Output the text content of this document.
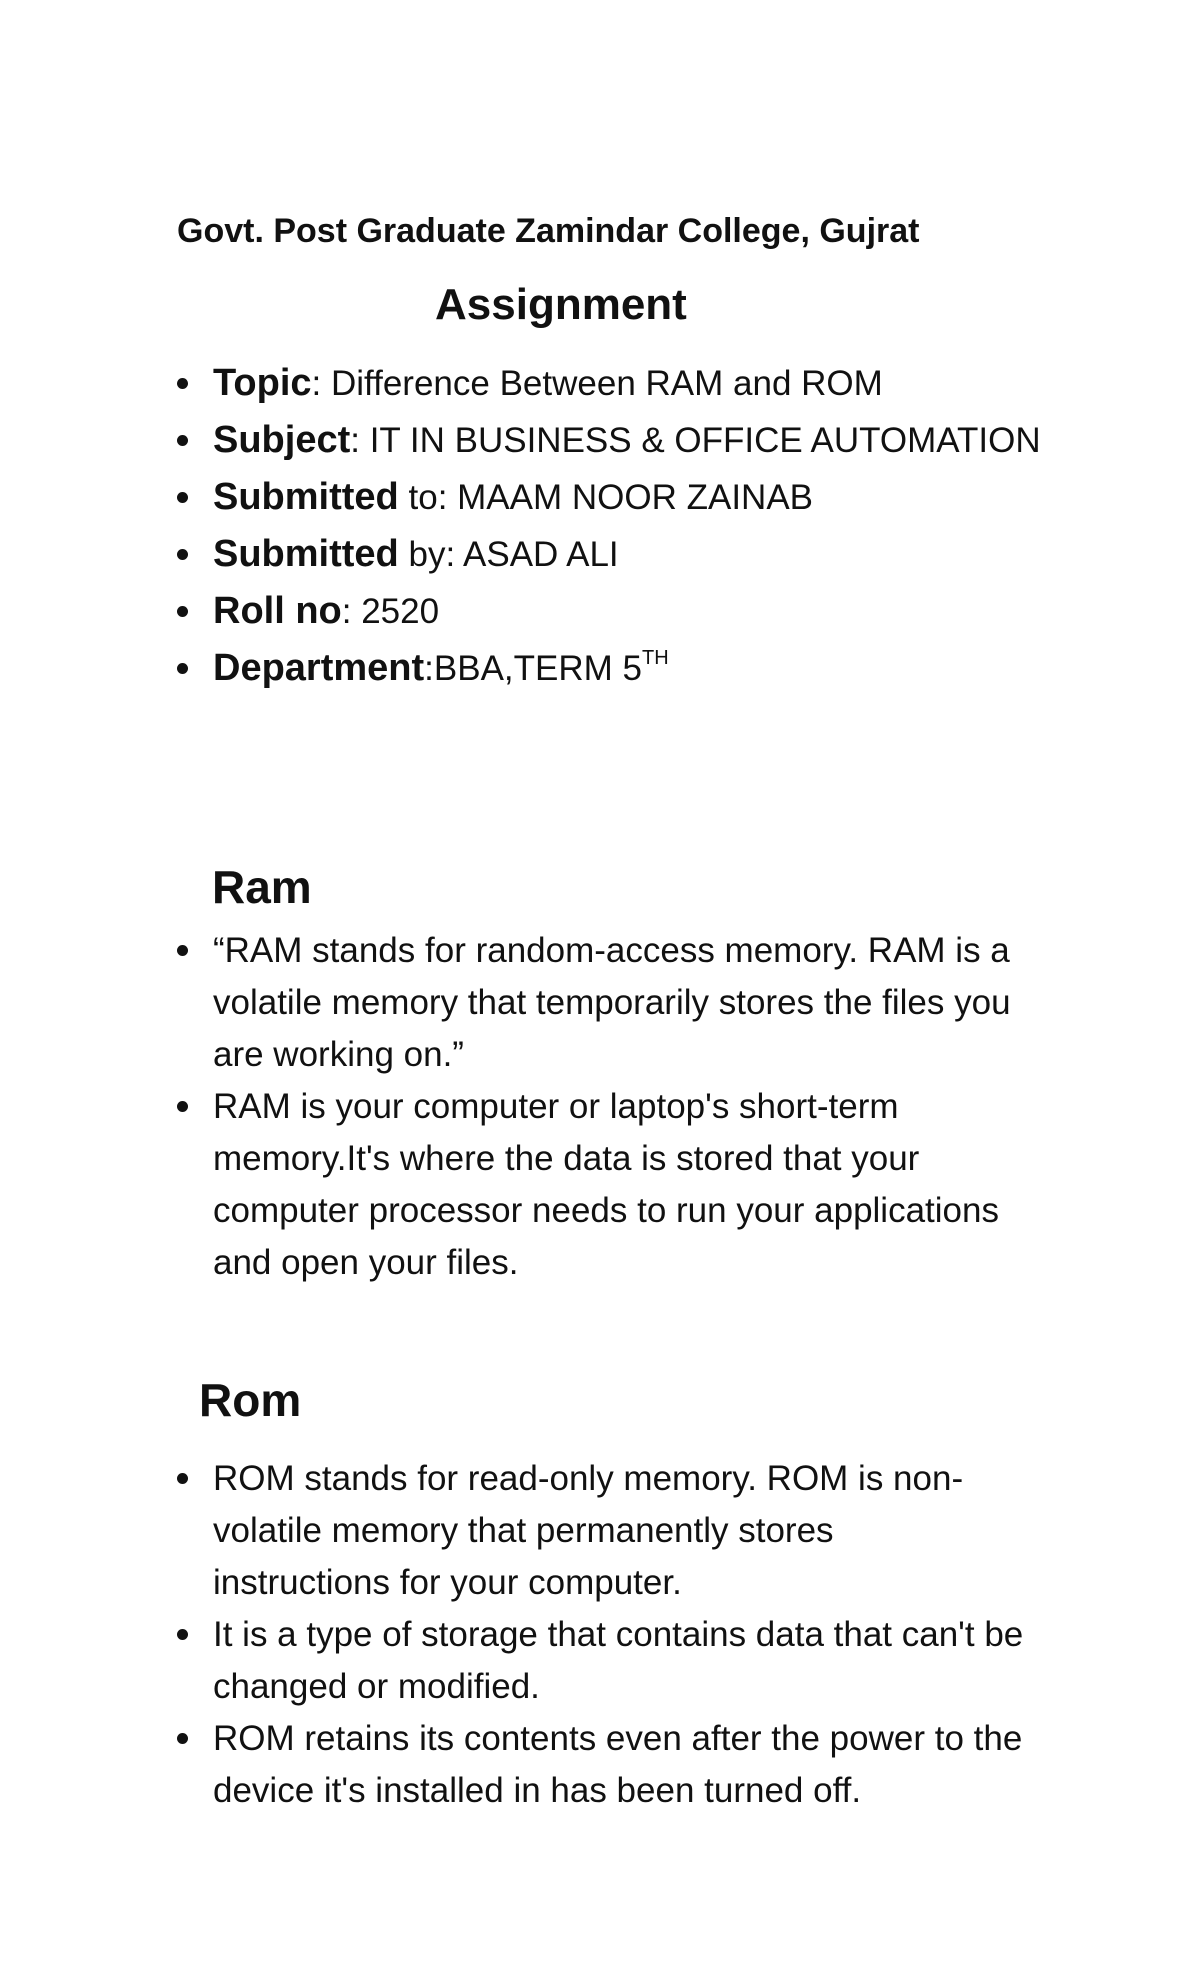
Govt. Post Graduate Zamindar College, Gujrat
Assignment
Topic: Difference Between RAM and ROM
Subject: IT IN BUSINESS & OFFICE AUTOMATION
Submitted to: MAAM NOOR ZAINAB
Submitted by: ASAD ALI
Roll no: 2520
Department:BBA,TERM 5TH
Ram
“RAM stands for random-access memory. RAM is a
volatile memory that temporarily stores the files you
are working on.”
RAM is your computer or laptop's short-term
memory.It's where the data is stored that your
computer processor needs to run your applications
and open your files.
Rom
ROM stands for read-only memory. ROM is non-
volatile memory that permanently stores
instructions for your computer.
It is a type of storage that contains data that can't be
changed or modified.
ROM retains its contents even after the power to the
device it's installed in has been turned off.
